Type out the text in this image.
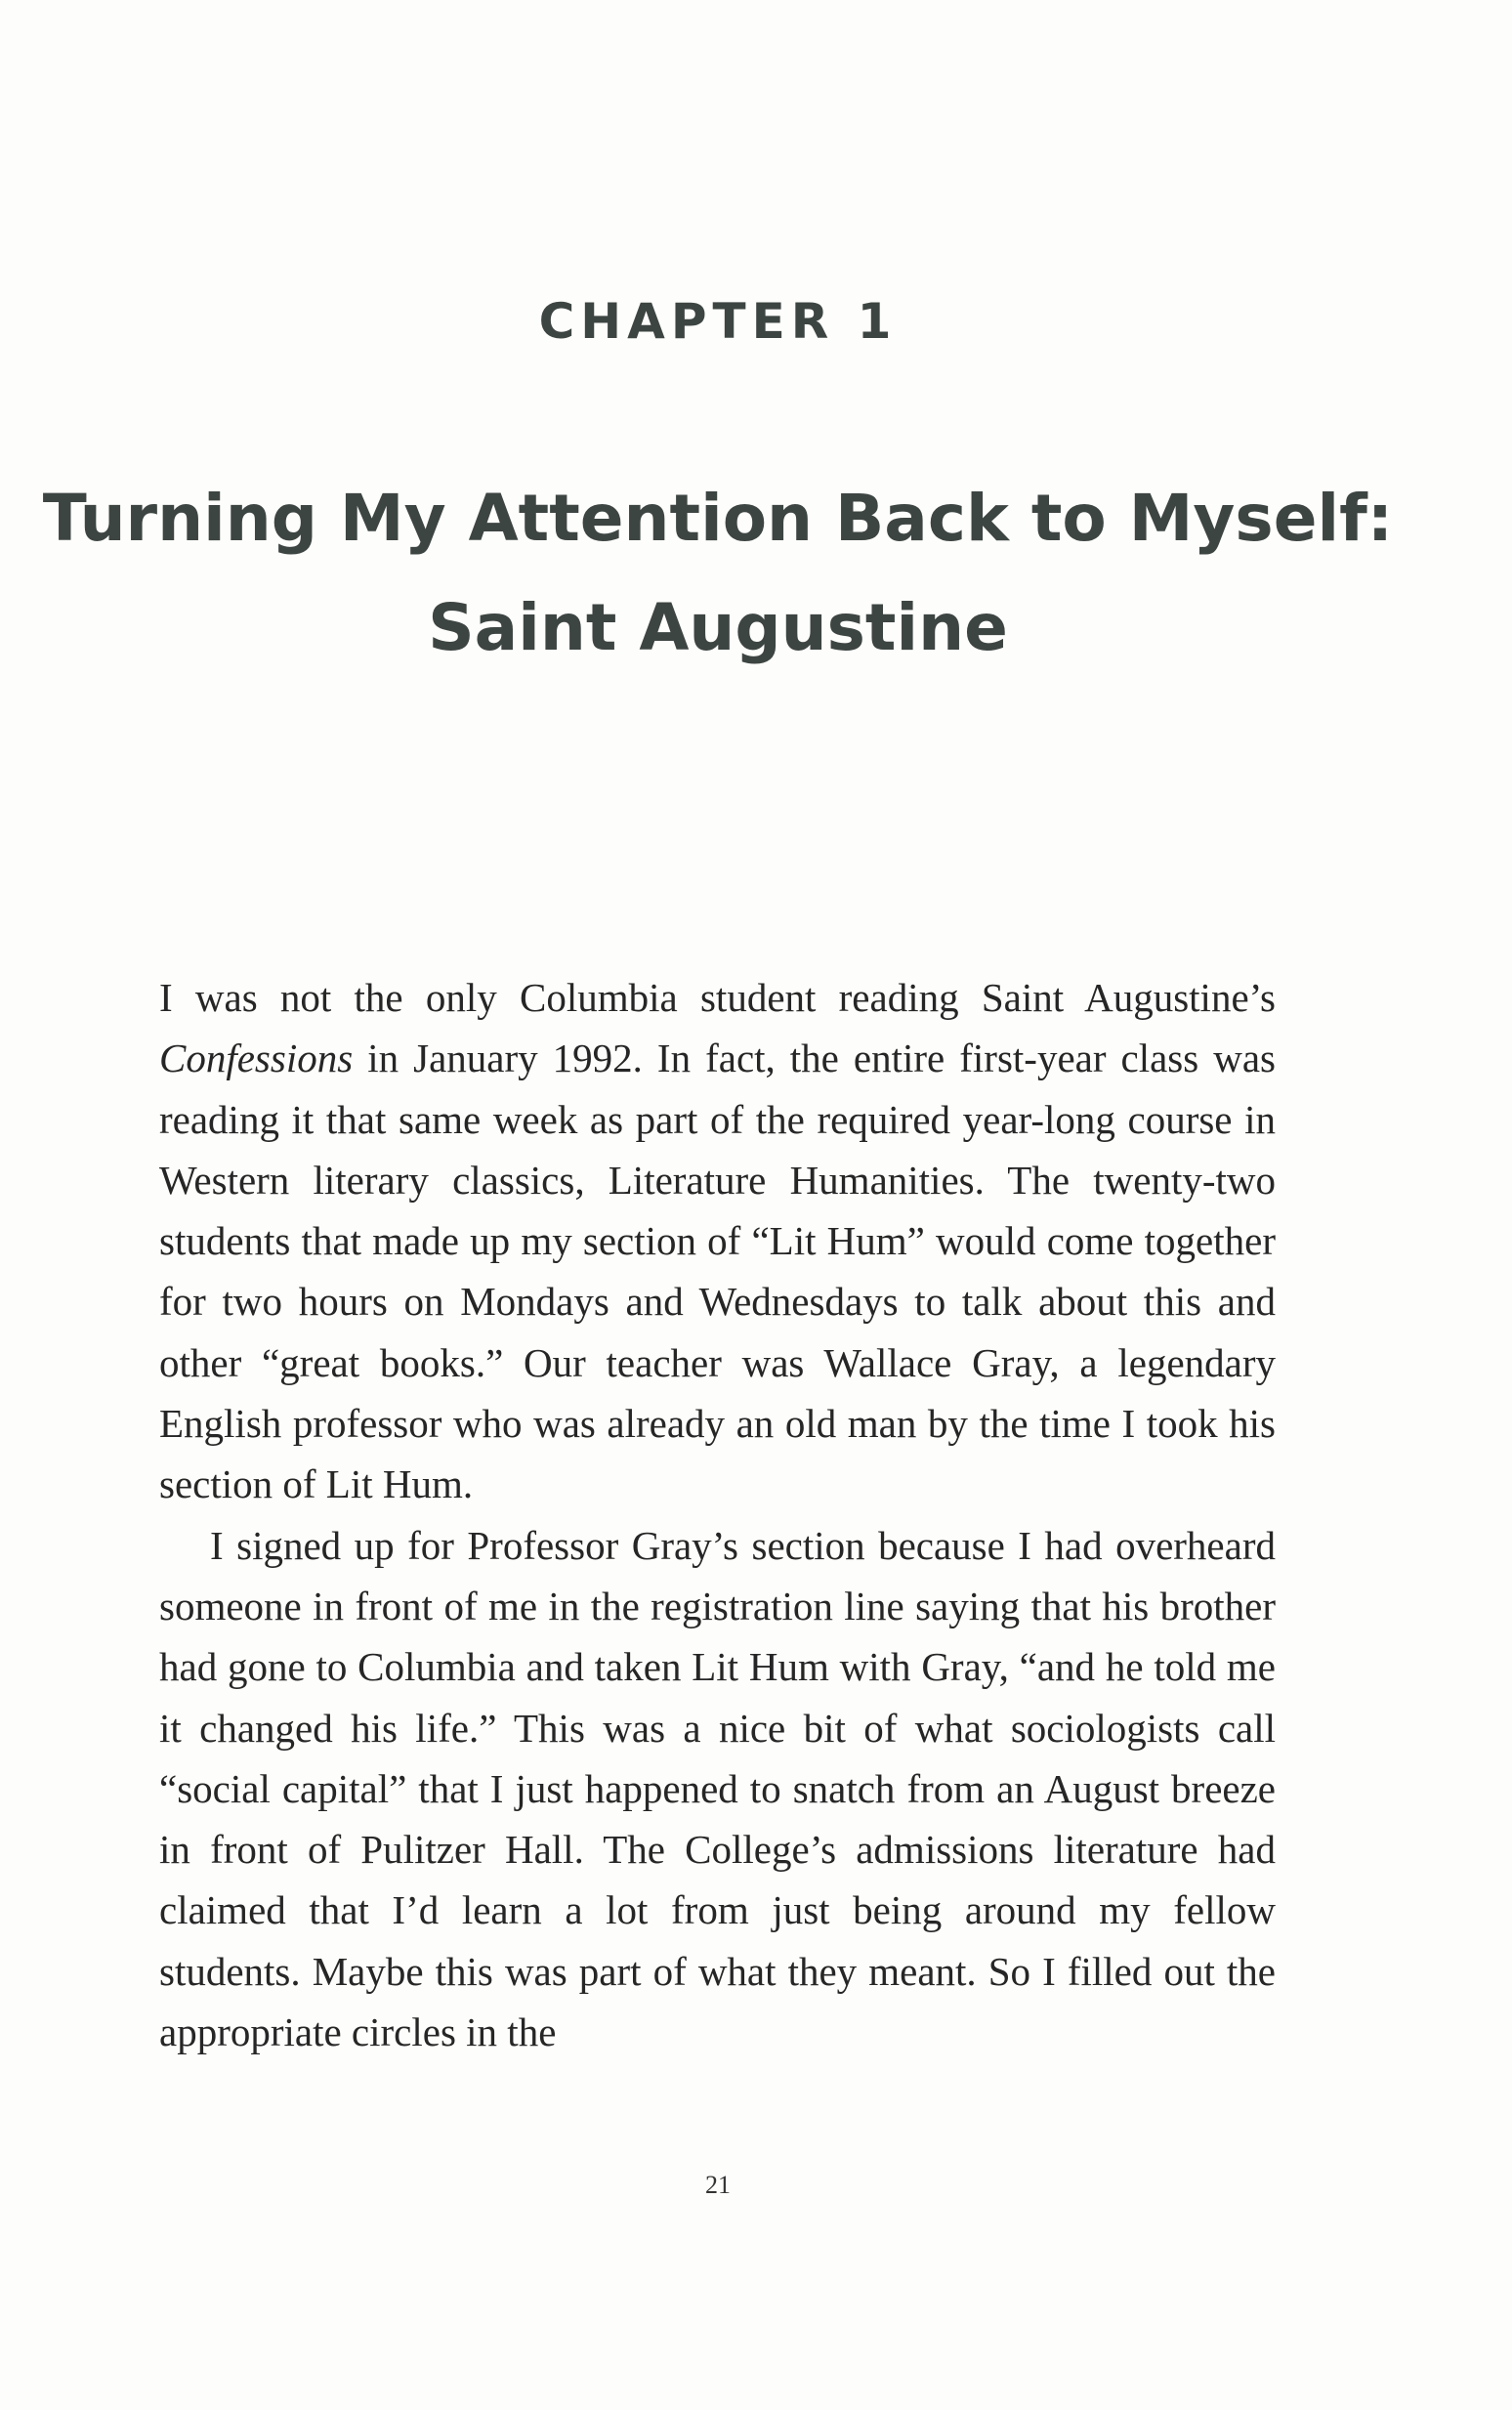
CHAPTER 1
Turning My Attention Back to Myself:
Saint Augustine

I was not the only Columbia student reading Saint Augustine’s Confessions in January 1992. In fact, the entire first-year class was reading it that same week as part of the required year-long course in Western literary classics, Literature Humanities. The twenty-two students that made up my section of “Lit Hum” would come together for two hours on Mondays and Wednesdays to talk about this and other “great books.” Our teacher was Wallace Gray, a legendary English professor who was already an old man by the time I took his section of Lit Hum.

I signed up for Professor Gray’s section because I had overheard someone in front of me in the registration line saying that his brother had gone to Columbia and taken Lit Hum with Gray, “and he told me it changed his life.” This was a nice bit of what sociologists call “social capital” that I just happened to snatch from an August breeze in front of Pulitzer Hall. The College’s admissions literature had claimed that I’d learn a lot from just being around my fellow students. Maybe this was part of what they meant. So I filled out the appropriate circles in the

21
